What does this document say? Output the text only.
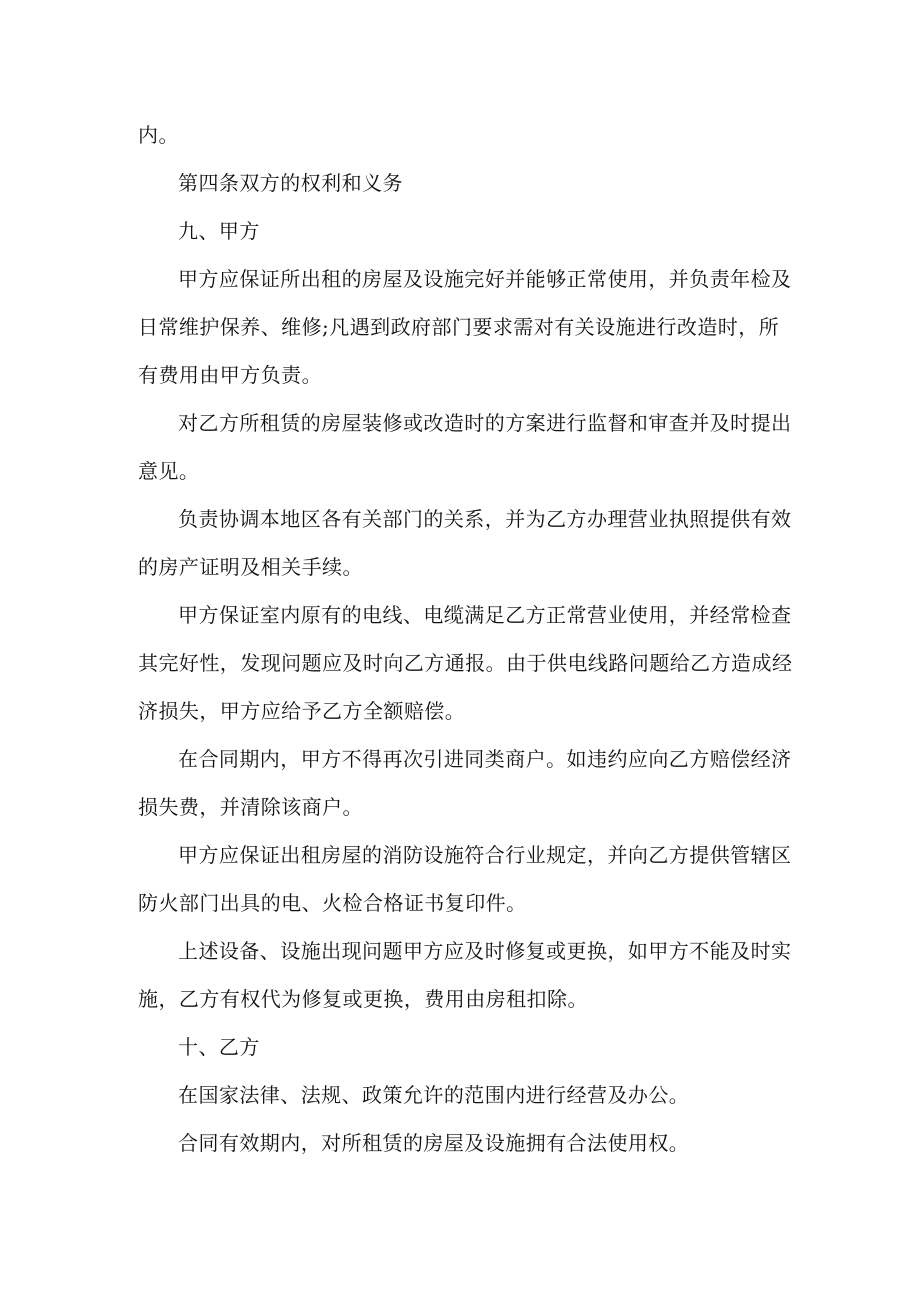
内。

第四条双方的权利和义务

九、甲方

甲方应保证所出租的房屋及设施完好并能够正常使用，并负责年检及日常维护保养、维修;凡遇到政府部门要求需对有关设施进行改造时，所有费用由甲方负责。

对乙方所租赁的房屋装修或改造时的方案进行监督和审查并及时提出意见。

负责协调本地区各有关部门的关系，并为乙方办理营业执照提供有效的房产证明及相关手续。

甲方保证室内原有的电线、电缆满足乙方正常营业使用，并经常检查其完好性，发现问题应及时向乙方通报。由于供电线路问题给乙方造成经济损失，甲方应给予乙方全额赔偿。

在合同期内，甲方不得再次引进同类商户。如违约应向乙方赔偿经济损失费，并清除该商户。

甲方应保证出租房屋的消防设施符合行业规定，并向乙方提供管辖区防火部门出具的电、火检合格证书复印件。

上述设备、设施出现问题甲方应及时修复或更换，如甲方不能及时实施，乙方有权代为修复或更换，费用由房租扣除。

十、乙方

在国家法律、法规、政策允许的范围内进行经营及办公。

合同有效期内，对所租赁的房屋及设施拥有合法使用权。
